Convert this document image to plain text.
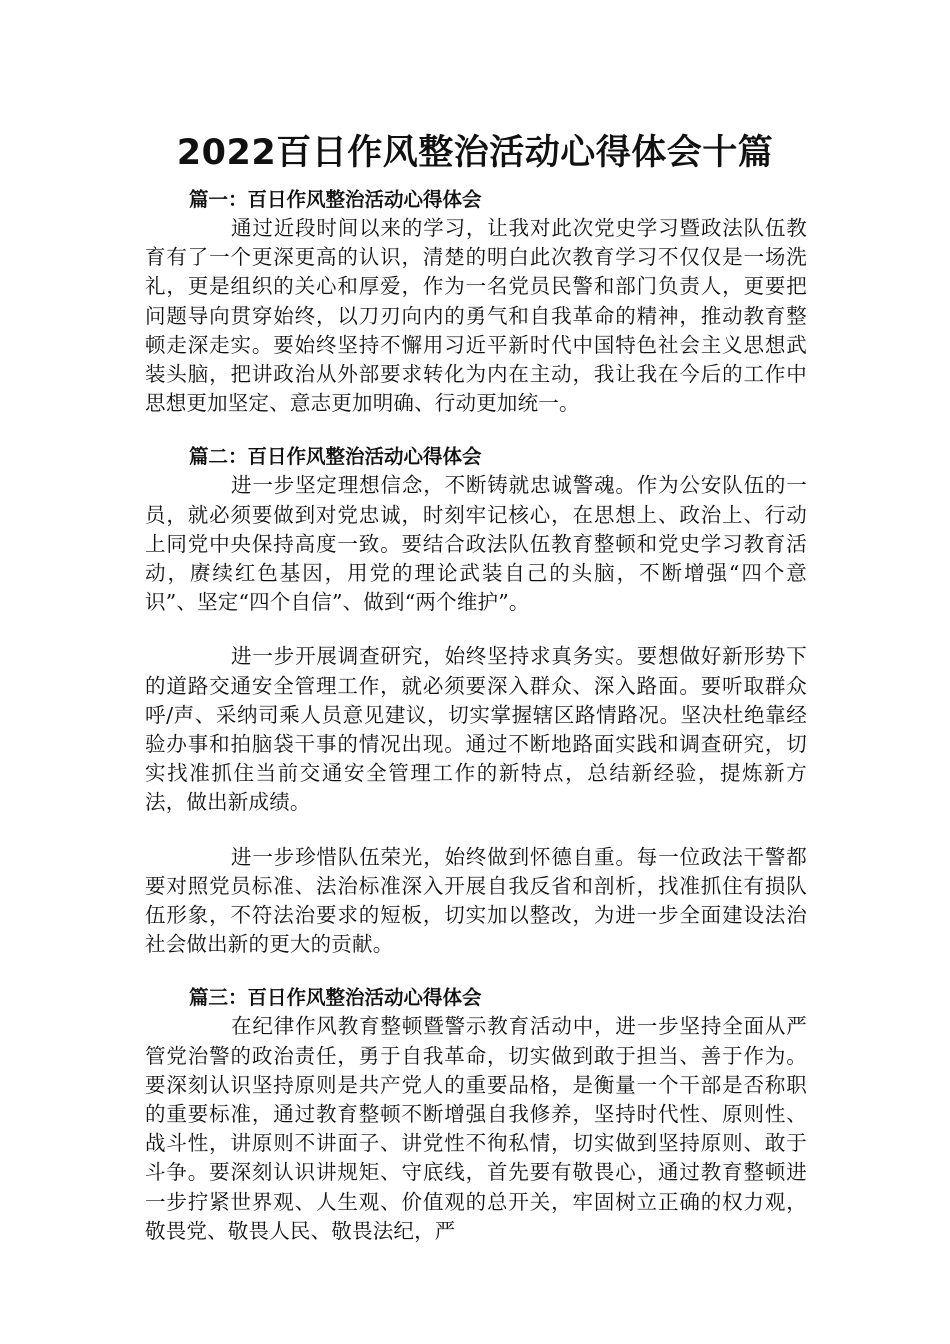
2022百日作风整治活动心得体会十篇
篇一：百日作风整治活动心得体会

通过近段时间以来的学习，让我对此次党史学习暨政法队伍教育有了一个更深更高的认识，清楚的明白此次教育学习不仅仅是一场洗礼，更是组织的关心和厚爱，作为一名党员民警和部门负责人，更要把问题导向贯穿始终，以刀刃向内的勇气和自我革命的精神，推动教育整顿走深走实。要始终坚持不懈用习近平新时代中国特色社会主义思想武装头脑，把讲政治从外部要求转化为内在主动，我让我在今后的工作中思想更加坚定、意志更加明确、行动更加统一。

篇二：百日作风整治活动心得体会

进一步坚定理想信念，不断铸就忠诚警魂。作为公安队伍的一员，就必须要做到对党忠诚，时刻牢记核心，在思想上、政治上、行动上同党中央保持高度一致。要结合政法队伍教育整顿和党史学习教育活动，赓续红色基因，用党的理论武装自己的头脑，不断增强“四个意识”、坚定“四个自信”、做到“两个维护”。

进一步开展调查研究，始终坚持求真务实。要想做好新形势下的道路交通安全管理工作，就必须要深入群众、深入路面。要听取群众呼/声、采纳司乘人员意见建议，切实掌握辖区路情路况。坚决杜绝靠经验办事和拍脑袋干事的情况出现。通过不断地路面实践和调查研究，切实找准抓住当前交通安全管理工作的新特点，总结新经验，提炼新方法，做出新成绩。

进一步珍惜队伍荣光，始终做到怀德自重。每一位政法干警都要对照党员标准、法治标准深入开展自我反省和剖析，找准抓住有损队伍形象，不符法治要求的短板，切实加以整改，为进一步全面建设法治社会做出新的更大的贡献。

篇三：百日作风整治活动心得体会

在纪律作风教育整顿暨警示教育活动中，进一步坚持全面从严管党治警的政治责任，勇于自我革命，切实做到敢于担当、善于作为。要深刻认识坚持原则是共产党人的重要品格，是衡量一个干部是否称职的重要标准，通过教育整顿不断增强自我修养，坚持时代性、原则性、战斗性，讲原则不讲面子、讲党性不徇私情，切实做到坚持原则、敢于斗争。要深刻认识讲规矩、守底线，首先要有敬畏心，通过教育整顿进一步拧紧世界观、人生观、价值观的总开关，牢固树立正确的权力观，敬畏党、敬畏人民、敬畏法纪，严
